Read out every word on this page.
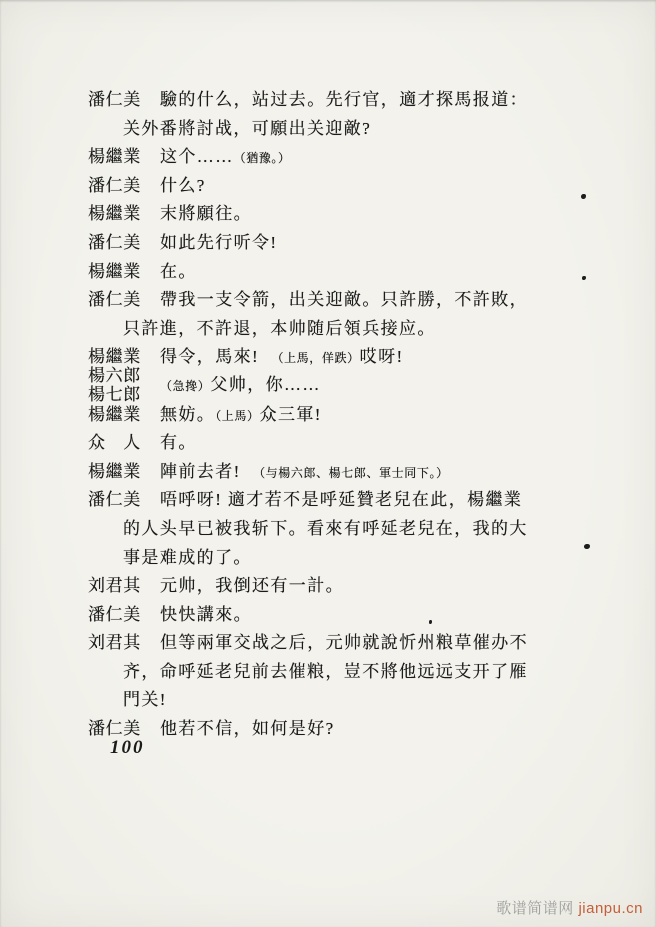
潘仁美 驗的什么，站过去。先行官，適才探馬报道：
关外番將討战，可願出关迎敵?
楊繼業 这个……（猶豫。）
潘仁美 什么?
楊繼業 末將願往。
潘仁美 如此先行听令!
楊繼業 在。
潘仁美 帶我一支令箭，出关迎敵。只許勝，不許敗，
只許進，不許退，本帅随后領兵接应。
楊繼業 得令，馬來!　（上馬，佯跌）哎呀!
楊六郎
楊七郎	（急搀）父帅，你……
楊繼業 無妨。（上馬）众三軍!
众　人 有。
楊繼業 陣前去者!　（与楊六郎、楊七郎、軍士同下。）
潘仁美 唔呼呀! 適才若不是呼延贊老兒在此，楊繼業
的人头早已被我斩下。看來有呼延老兒在，我的大
事是难成的了。
刘君其 元帅，我倒还有一計。
潘仁美 快快講來。
刘君其 但等兩軍交战之后，元帅就說忻州粮草催办不
齐，命呼延老兒前去催粮，豈不將他远远支开了雁
門关!
潘仁美 他若不信，如何是好?
100
歌谱简谱网 jianpu.cn
